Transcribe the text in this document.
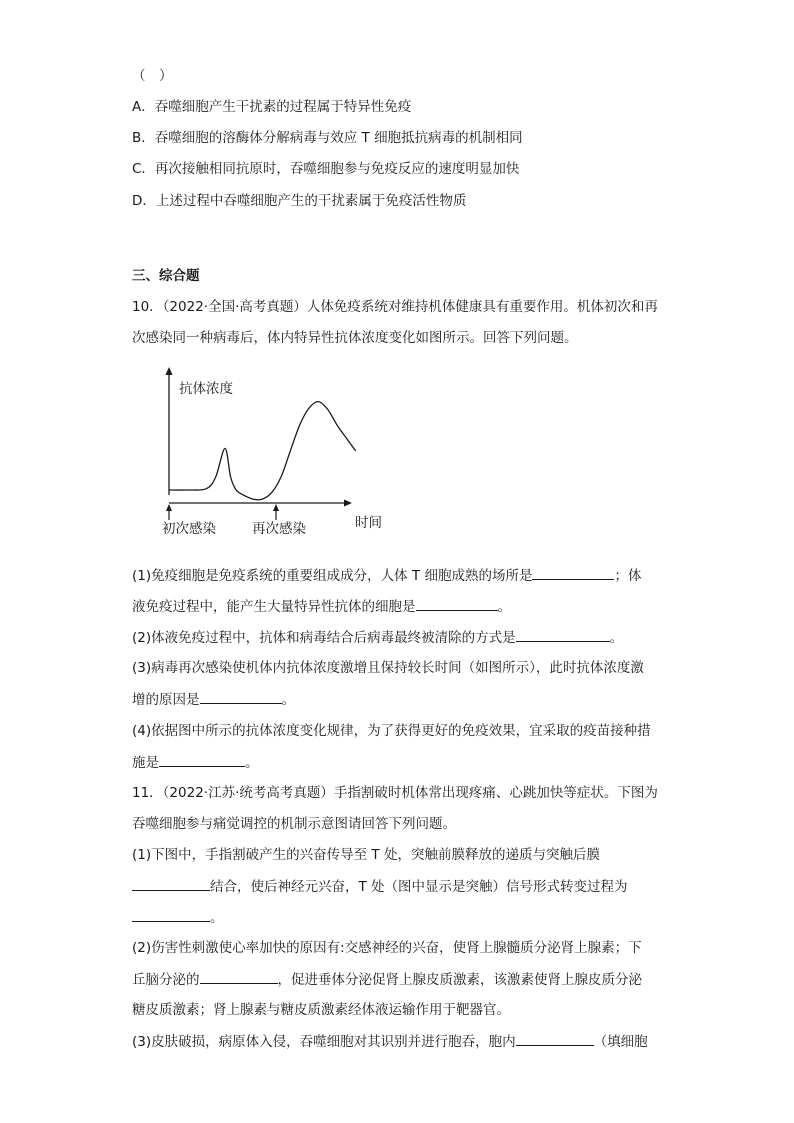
（　）
A．吞噬细胞产生干扰素的过程属于特异性免疫
B．吞噬细胞的溶酶体分解病毒与效应 T 细胞抵抗病毒的机制相同
C．再次接触相同抗原时，吞噬细胞参与免疫反应的速度明显加快
D．上述过程中吞噬细胞产生的干扰素属于免疫活性物质
三、综合题
10．（2022·全国·高考真题）人体免疫系统对维持机体健康具有重要作用。机体初次和再
次感染同一种病毒后，体内特异性抗体浓度变化如图所示。回答下列问题。
抗体浓度
时间
初次感染	再次感染
(1)免疫细胞是免疫系统的重要组成成分，人体 T 细胞成熟的场所是	；体
液免疫过程中，能产生大量特异性抗体的细胞是	。
(2)体液免疫过程中，抗体和病毒结合后病毒最终被清除的方式是	。
(3)病毒再次感染使机体内抗体浓度激增且保持较长时间（如图所示），此时抗体浓度激
增的原因是	。
(4)依据图中所示的抗体浓度变化规律，为了获得更好的免疫效果，宜采取的疫苗接种措
施是	。
11．（2022·江苏·统考高考真题）手指割破时机体常出现疼痛、心跳加快等症状。下图为
吞噬细胞参与痛觉调控的机制示意图请回答下列问题。
(1)下图中，手指割破产生的兴奋传导至 T 处，突触前膜释放的递质与突触后膜
结合，使后神经元兴奋，T 处（图中显示是突触）信号形式转变过程为
。
(2)伤害性刺激使心率加快的原因有:交感神经的兴奋，使肾上腺髓质分泌肾上腺素；下
丘脑分泌的	，促进垂体分泌促肾上腺皮质激素，该激素使肾上腺皮质分泌
糖皮质激素；肾上腺素与糖皮质激素经体液运输作用于靶器官。
(3)皮肤破损，病原体入侵，吞噬细胞对其识别并进行胞吞，胞内	（填细胞
